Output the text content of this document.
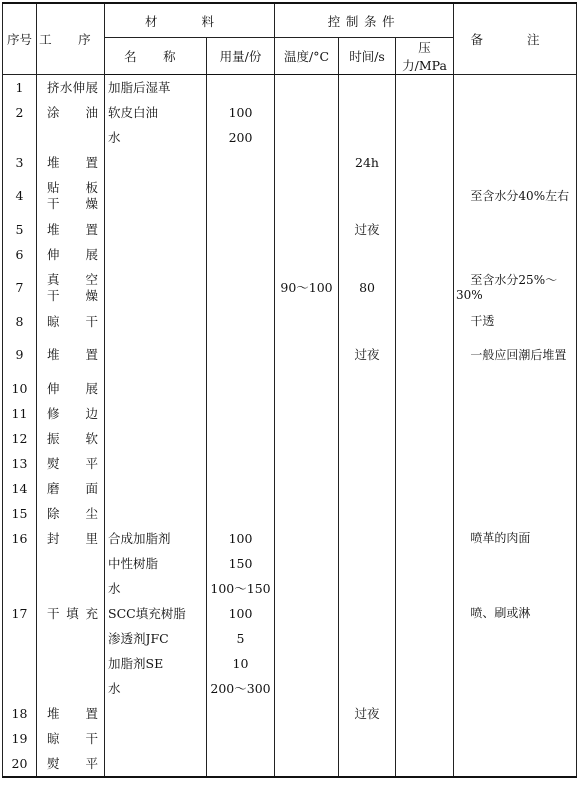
序号	工 序	材 料		控制条件			备 注
		名 称	用量/份	温度/°C	时间/s	压力/MPa	
1	挤水伸展	加脂后湿革					
2	涂 油	软皮白油	100				

	水	200				
3	堆 置				24h		
4	贴 板
干 燥						至含水分40%左右
5	堆 置				过夜		
6	伸 展						

7	真 空
干 燥			90～100	80		至含水分25%～30%
8	晾 干						干透
9	堆 置				过夜		一般应回潮后堆置
10	伸 展						

11	修 边						

12	振 软						

13	熨 平						

14	磨 面						

15	除 尘						

16	封 里	合成加脂剂	100				喷革的肉面

	中性树脂	150				

	水	100～150				
17	干填充	SCC填充树脂	100				喷、刷或淋

	渗透剂JFC	5				

	加脂剂SE	10				

	水	200～300				
18	堆 置				过夜		
19	晾 干						

20	熨 平						
